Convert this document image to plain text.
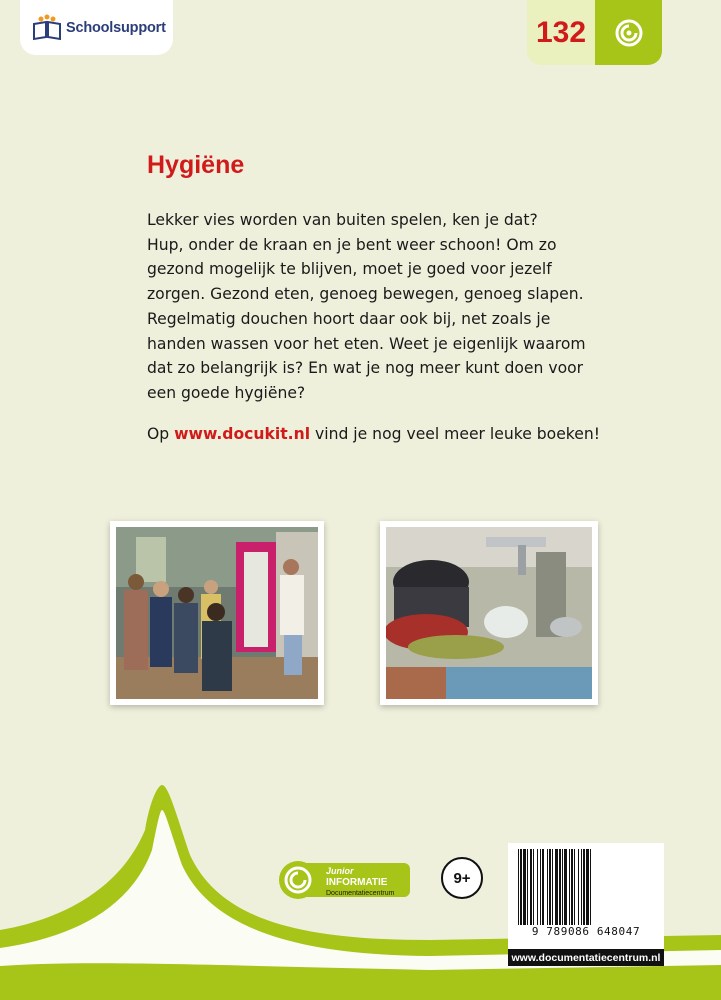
Schoolsupport	132
Hygiëne
Lekker vies worden van buiten spelen, ken je dat?
Hup, onder de kraan en je bent weer schoon! Om zo
gezond mogelijk te blijven, moet je goed voor jezelf
zorgen. Gezond eten, genoeg bewegen, genoeg slapen.
Regelmatig douchen hoort daar ook bij, net zoals je
handen wassen voor het eten. Weet je eigenlijk waarom
dat zo belangrijk is? En wat je nog meer kunt doen voor
een goede hygiëne?

Op www.docukit.nl vind je nog veel meer leuke boeken!

Junior
INFORMATIE
Documentatiecentrum
9+
9 789086 648047
www.documentatiecentrum.nl
